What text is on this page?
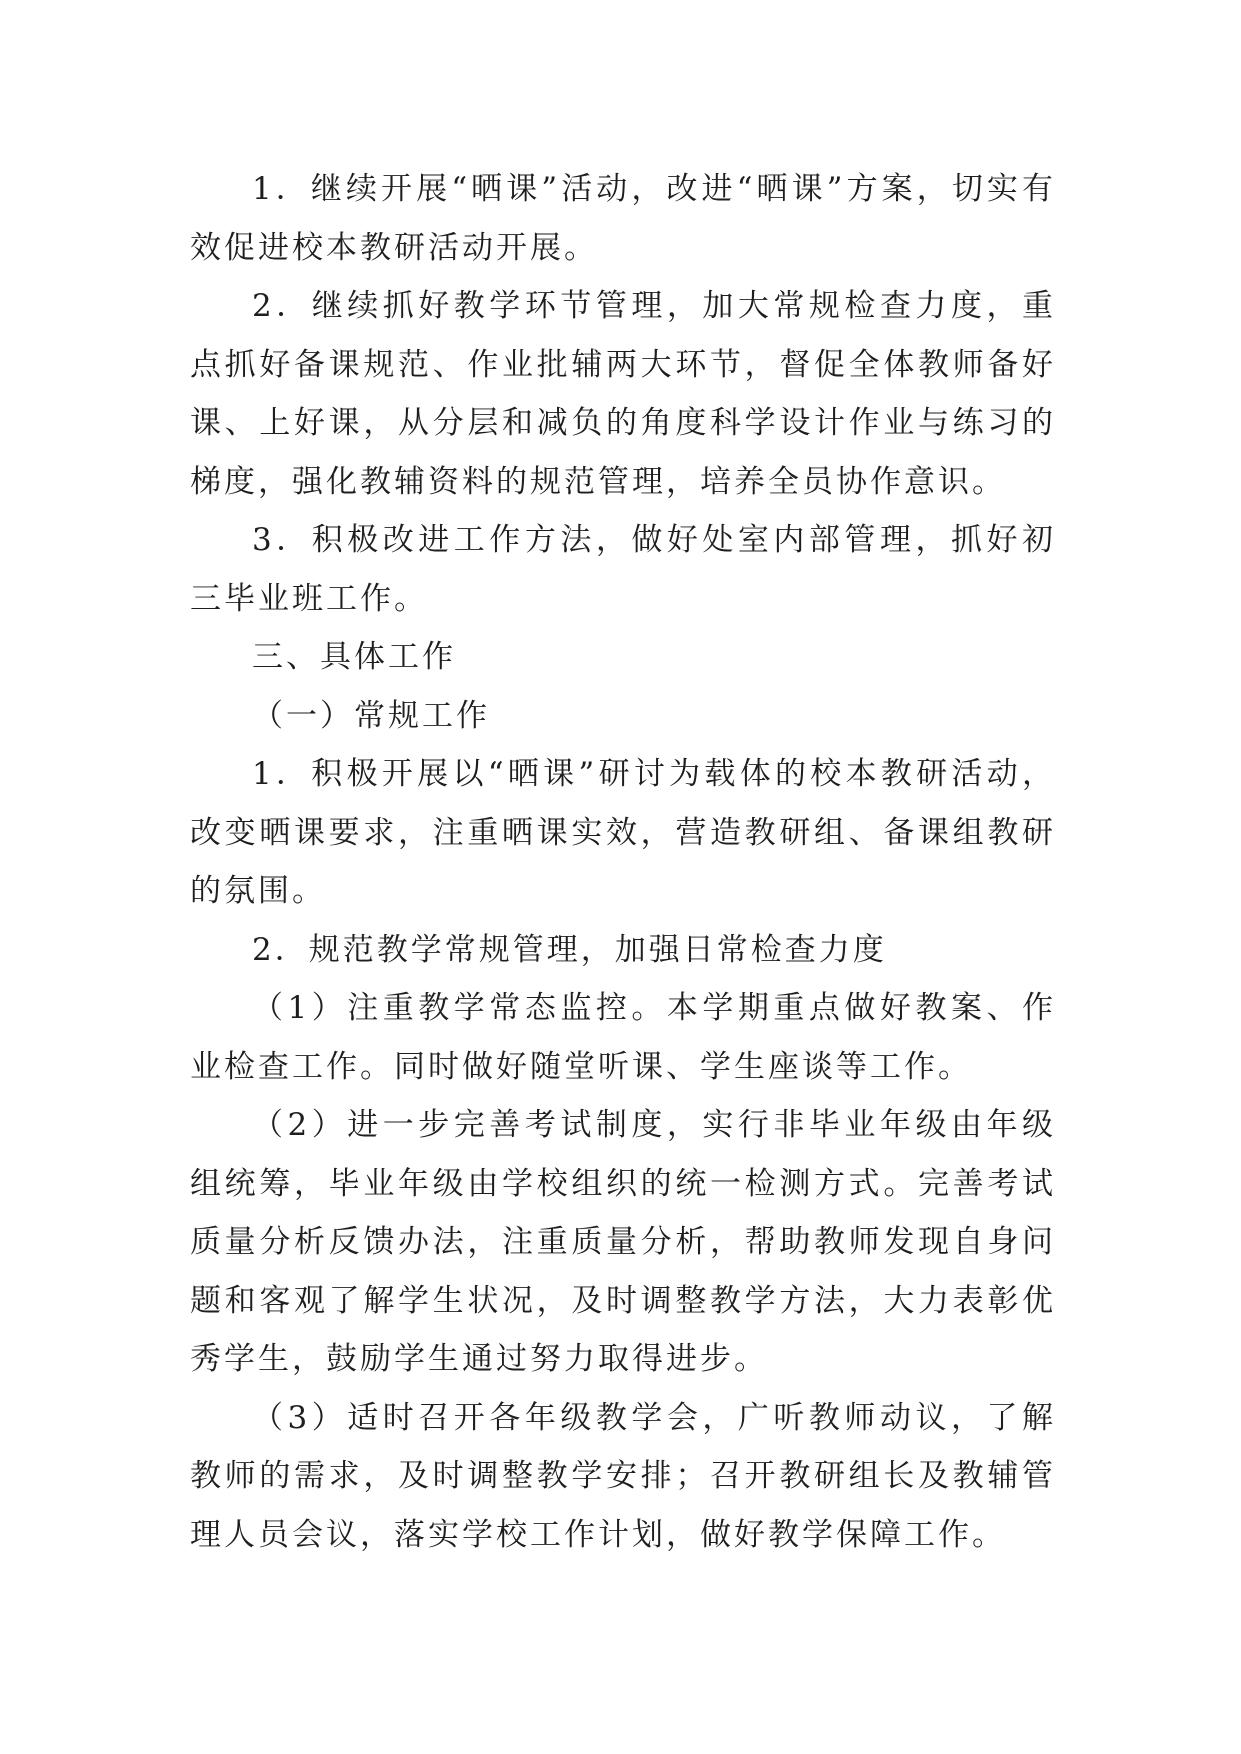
1．继续开展“晒课”活动，改进“晒课”方案，切实有效促进校本教研活动开展。

2．继续抓好教学环节管理，加大常规检查力度，重点抓好备课规范、作业批辅两大环节，督促全体教师备好课、上好课，从分层和减负的角度科学设计作业与练习的梯度，强化教辅资料的规范管理，培养全员协作意识。

3．积极改进工作方法，做好处室内部管理，抓好初三毕业班工作。

三、具体工作

（一）常规工作

1．积极开展以“晒课”研讨为载体的校本教研活动，改变晒课要求，注重晒课实效，营造教研组、备课组教研的氛围。

2．规范教学常规管理，加强日常检查力度

（1）注重教学常态监控。本学期重点做好教案、作业检查工作。同时做好随堂听课、学生座谈等工作。

（2）进一步完善考试制度，实行非毕业年级由年级组统筹，毕业年级由学校组织的统一检测方式。完善考试质量分析反馈办法，注重质量分析，帮助教师发现自身问题和客观了解学生状况，及时调整教学方法，大力表彰优秀学生，鼓励学生通过努力取得进步。

（3）适时召开各年级教学会，广听教师动议，了解教师的需求，及时调整教学安排；召开教研组长及教辅管理人员会议，落实学校工作计划，做好教学保障工作。
